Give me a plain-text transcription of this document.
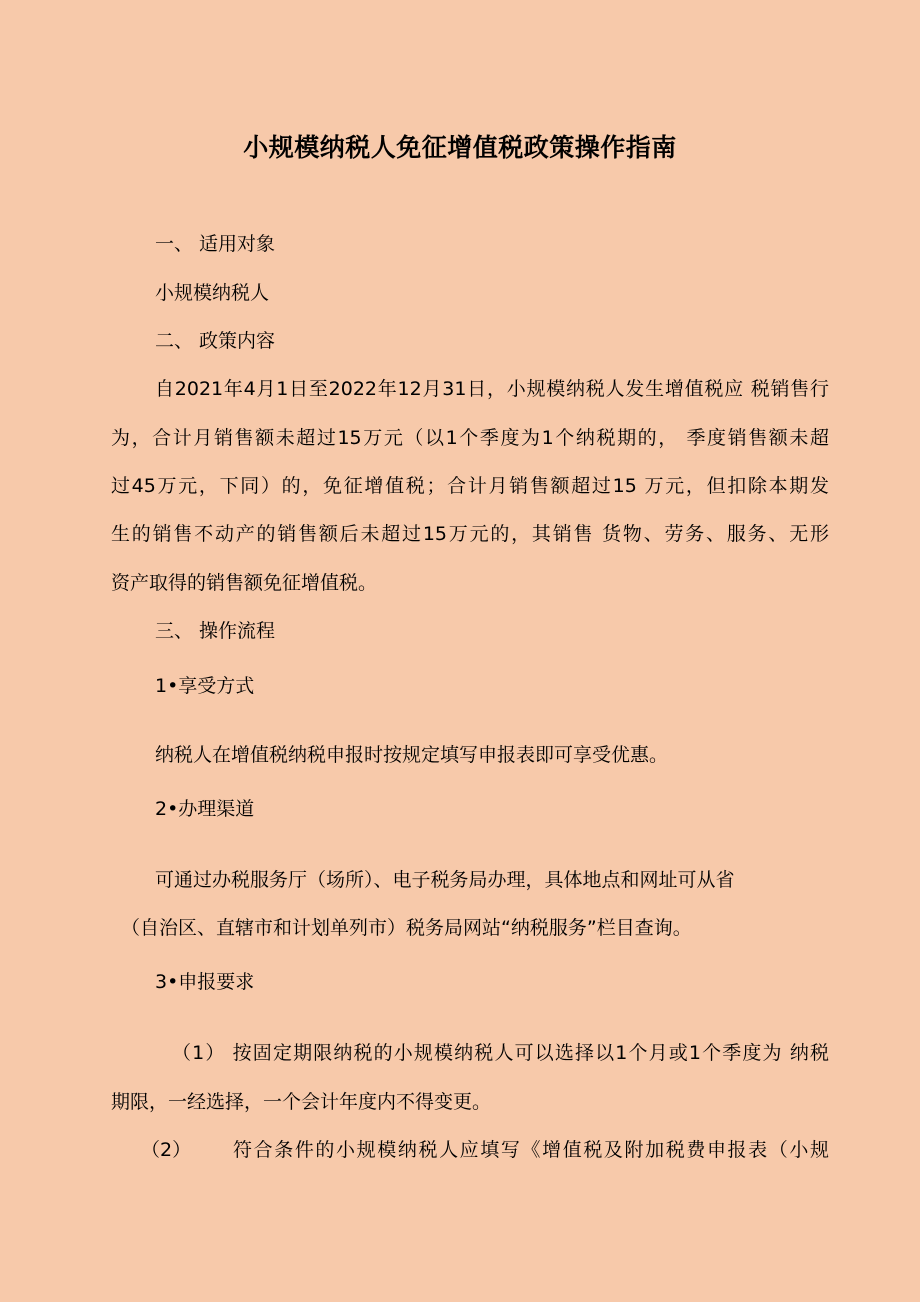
小规模纳税人免征增值税政策操作指南

一、 适用对象

小规模纳税人

二、 政策内容

自2021年4月1日至2022年12月31日，小规模纳税人发生增值税应 税销售行

为，合计月销售额未超过15万元（以1个季度为1个纳税期的， 季度销售额未超

过45万元，下同）的，免征增值税；合计月销售额超过15 万元，但扣除本期发

生的销售不动产的销售额后未超过15万元的，其销售 货物、劳务、服务、无形

资产取得的销售额免征增值税。

三、 操作流程

1•享受方式

纳税人在增值税纳税申报时按规定填写申报表即可享受优惠。

2•办理渠道

可通过办税服务厅（场所）、电子税务局办理，具体地点和网址可从省

（自治区、直辖市和计划单列市）税务局网站“纳税服务”栏目查询。

3•申报要求

（1） 按固定期限纳税的小规模纳税人可以选择以1个月或1个季度为 纳税

期限，一经选择，一个会计年度内不得变更。

（2） 符合条件的小规模纳税人应填写《增值税及附加税费申报表（小规
